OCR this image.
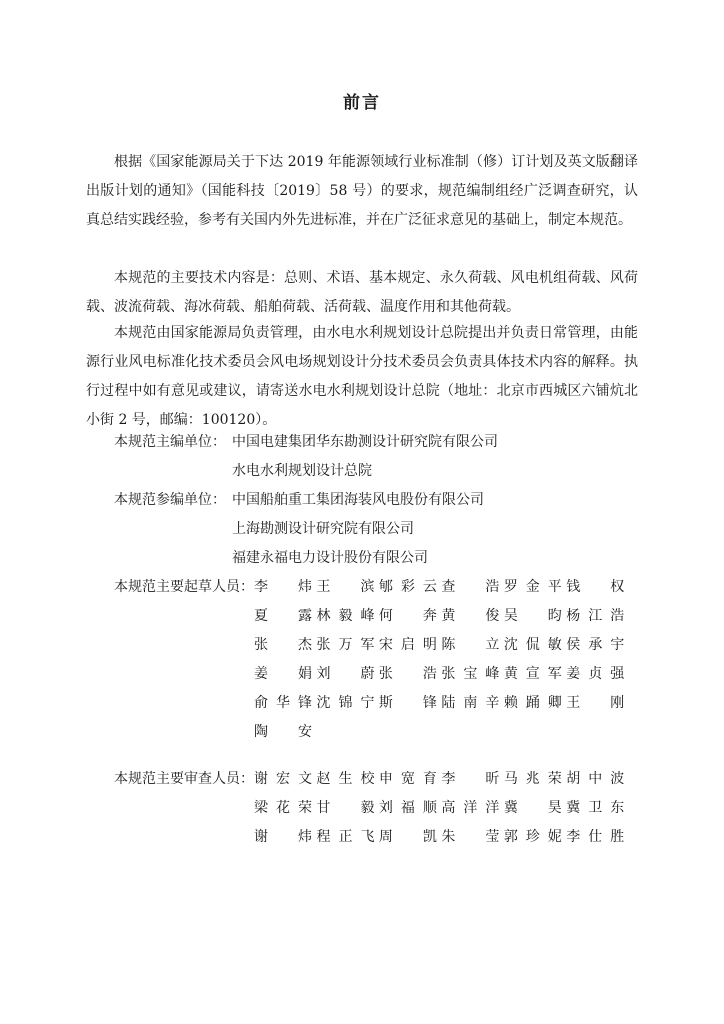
前言
根据《国家能源局关于下达 2019 年能源领域行业标准制（修）订计划及英文版翻译出版计划的通知》（国能科技〔2019〕58 号）的要求，规范编制组经广泛调查研究，认真总结实践经验，参考有关国内外先进标准，并在广泛征求意见的基础上，制定本规范。
本规范的主要技术内容是：总则、术语、基本规定、永久荷载、风电机组荷载、风荷载、波流荷载、海冰荷载、船舶荷载、活荷载、温度作用和其他荷载。
本规范由国家能源局负责管理，由水电水利规划设计总院提出并负责日常管理，由能源行业风电标准化技术委员会风电场规划设计分技术委员会负责具体技术内容的解释。执行过程中如有意见或建议，请寄送水电水利规划设计总院（地址：北京市西城区六铺炕北小街 2 号，邮编：100120）。
本规范主编单位： 中国电建集团华东勘测设计研究院有限公司
水电水利规划设计总院
本规范参编单位： 中国船舶重工集团海装风电股份有限公司
上海勘测设计研究院有限公司
福建永福电力设计股份有限公司
本规范主要起草人员： 李　炜 王　滨 郇彩云 查　浩 罗金平 钱　权
夏　露 林毅峰 何　奔 黄　俊 吴　昀 杨江浩
张　杰 张万军 宋启明 陈　立 沈侃敏 侯承宇
姜　娟 刘　蔚 张　浩 张宝峰 黄宣军 姜贞强
俞华锋 沈锦宁 斯　锋 陆南辛 赖踊卿 王　刚
陶　安
本规范主要审查人员： 谢宏文 赵生校 申宽育 李　昕 马兆荣 胡中波
梁花荣 甘　毅 刘福顺 高洋洋 冀　昊 冀卫东
谢　炜 程正飞 周　凯 朱　莹 郭珍妮 李仕胜
